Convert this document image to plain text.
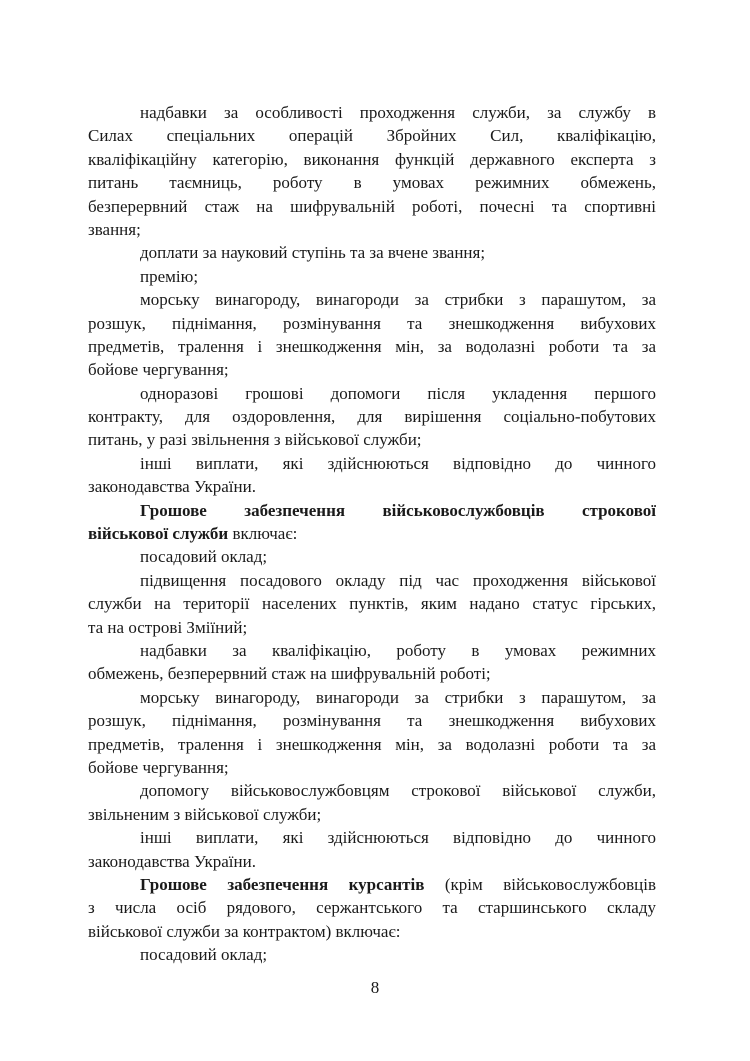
надбавки за особливості проходження служби, за службу в
Силах спеціальних операцій Збройних Сил, кваліфікацію,
кваліфікаційну категорію, виконання функцій державного експерта з
питань таємниць, роботу в умовах режимних обмежень,
безперервний стаж на шифрувальній роботі, почесні та спортивні
звання;
доплати за науковий ступінь та за вчене звання;
премію;
морську винагороду, винагороди за стрибки з парашутом, за
розшук, піднімання, розмінування та знешкодження вибухових
предметів, тралення і знешкодження мін, за водолазні роботи та за
бойове чергування;
одноразові грошові допомоги після укладення першого
контракту, для оздоровлення, для вирішення соціально-побутових
питань, у разі звільнення з військової служби;
інші виплати, які здійснюються відповідно до чинного
законодавства України.
Грошове забезпечення військовослужбовців строкової
військової служби включає:
посадовий оклад;
підвищення посадового окладу під час проходження військової
служби на території населених пунктів, яким надано статус гірських,
та на острові Зміїний;
надбавки за кваліфікацію, роботу в умовах режимних
обмежень, безперервний стаж на шифрувальній роботі;
морську винагороду, винагороди за стрибки з парашутом, за
розшук, піднімання, розмінування та знешкодження вибухових
предметів, тралення і знешкодження мін, за водолазні роботи та за
бойове чергування;
допомогу військовослужбовцям строкової військової служби,
звільненим з військової служби;
інші виплати, які здійснюються відповідно до чинного
законодавства України.
Грошове забезпечення курсантів (крім військовослужбовців
з числа осіб рядового, сержантського та старшинського складу
військової служби за контрактом) включає:
посадовий оклад;
8
